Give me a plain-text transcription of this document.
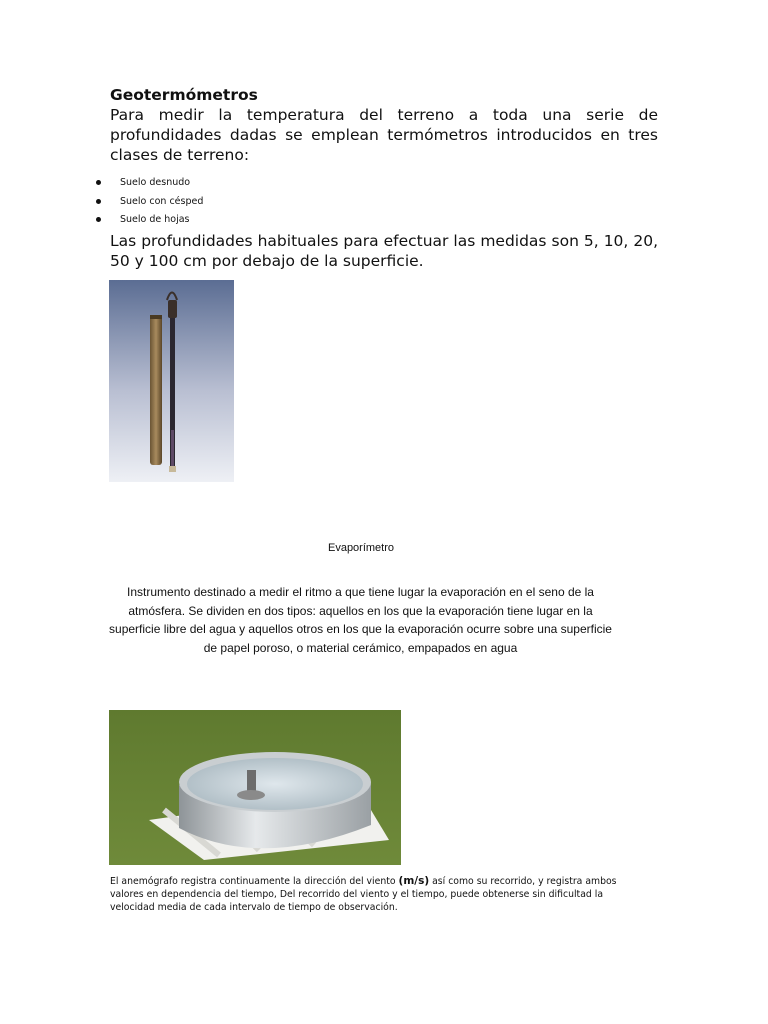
Geotermómetros

Para medir la temperatura del terreno a toda una serie de profundidades dadas se emplean termómetros introducidos en tres clases de terreno:

Suelo desnudo
Suelo con césped
Suelo de hojas

Las profundidades habituales para efectuar las medidas son 5, 10, 20, 50 y 100 cm por debajo de la superficie.

Evaporímetro

Instrumento destinado a medir el ritmo a que tiene lugar la evaporación en el seno de la atmósfera. Se dividen en dos tipos: aquellos en los que la evaporación tiene lugar en la superficie libre del agua y aquellos otros en los que la evaporación ocurre sobre una superficie de papel poroso, o material cerámico, empapados en agua

El anemógrafo registra continuamente la dirección del viento (m/s) así como su recorrido, y registra ambos valores en dependencia del tiempo, Del recorrido del viento y el tiempo, puede obtenerse sin dificultad la velocidad media de cada intervalo de tiempo de observación.
